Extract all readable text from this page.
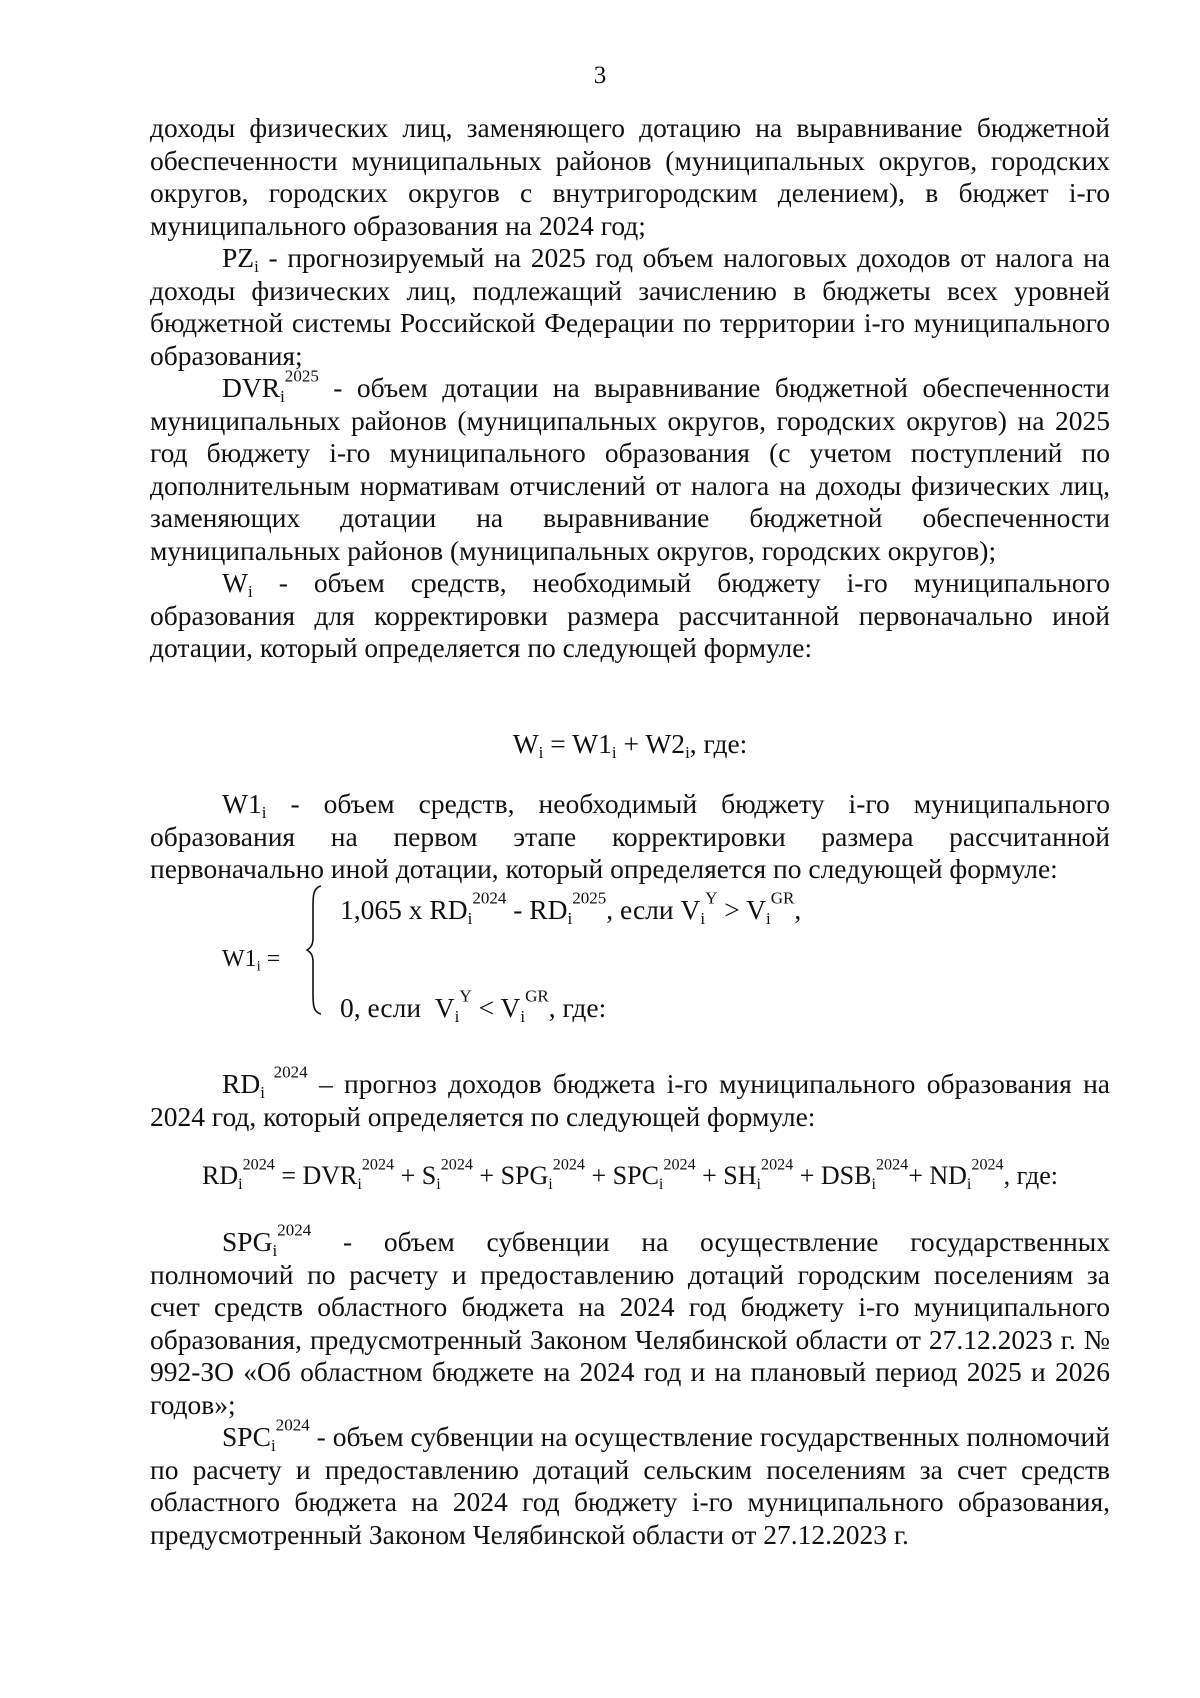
3

доходы физических лиц, заменяющего дотацию на выравнивание бюджетной обеспеченности муниципальных районов (муниципальных округов, городских округов, городских округов с внутригородским делением), в бюджет i-го муниципального образования на 2024 год;

$PZ_i$ - прогнозируемый на 2025 год объем налоговых доходов от налога на доходы физических лиц, подлежащий зачислению в бюджеты всех уровней бюджетной системы Российской Федерации по территории i-го муниципального образования;

$DVR_i^{2025}$ - объем дотации на выравнивание бюджетной обеспеченности муниципальных районов (муниципальных округов, городских округов) на 2025 год бюджету i-го муниципального образования (с учетом поступлений по дополнительным нормативам отчислений от налога на доходы физических лиц, заменяющих дотации на выравнивание бюджетной обеспеченности муниципальных районов (муниципальных округов, городских округов);

$W_i$ - объем средств, необходимый бюджету i-го муниципального образования для корректировки размера рассчитанной первоначально иной дотации, который определяется по следующей формуле:

$W_i = W1_i + W2_i$, где:

$W1_i$ - объем средств, необходимый бюджету i-го муниципального образования на первом этапе корректировки размера рассчитанной первоначально иной дотации, который определяется по следующей формуле:

$W1_i$ =
1,065 x $RD_i^{2024} - RD_i^{2025}$, если $V_i^Y > V_i^{GR}$,
0, если  $V_i^Y < V_i^{GR}$, где:

$RD_i$ $^{2024}$ – прогноз доходов бюджета i-го муниципального образования на 2024 год, который определяется по следующей формуле:

$RD_i^{2024} = DVR_i^{2024} + S_i^{2024} + SPG_i^{2024} + SPC_i^{2024} + SH_i^{2024} + DSB_i^{2024}+ ND_i^{2024}$, где:

$SPG_i^{2024}$ - объем субвенции на осуществление государственных полномочий по расчету и предоставлению дотаций городским поселениям за счет средств областного бюджета на 2024 год бюджету i-го муниципального образования, предусмотренный Законом Челябинской области от 27.12.2023 г. № 992-ЗО «Об областном бюджете на 2024 год и на плановый период 2025 и 2026 годов»;

$SPC_i^{2024}$ - объем субвенции на осуществление государственных полномочий по расчету и предоставлению дотаций сельским поселениям за счет средств областного бюджета на 2024 год бюджету i-го муниципального образования, предусмотренный Законом Челябинской области от 27.12.2023 г.
